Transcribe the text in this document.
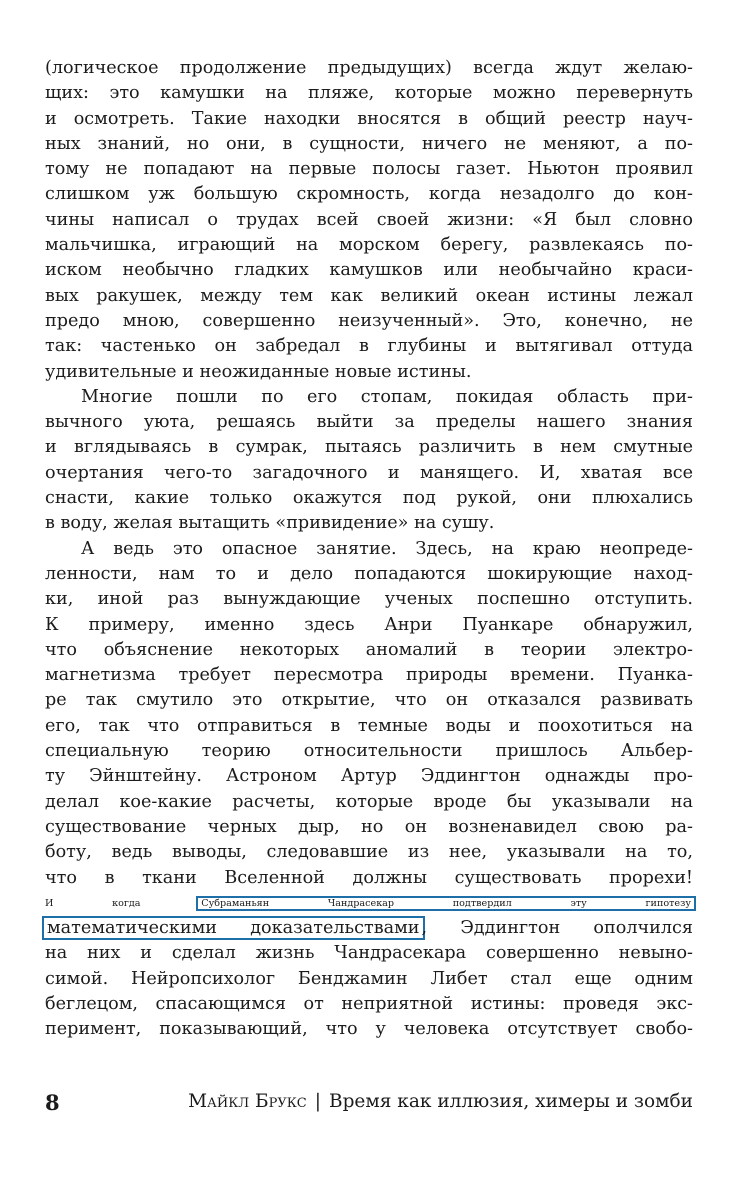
(логическое продолжение предыдущих) всегда ждут желаю-
щих: это камушки на пляже, которые можно перевернуть
и осмотреть. Такие находки вносятся в общий реестр науч-
ных знаний, но они, в сущности, ничего не меняют, а по-
тому не попадают на первые полосы газет. Ньютон проявил
слишком уж большую скромность, когда незадолго до кон-
чины написал о трудах всей своей жизни: «Я был словно
мальчишка, играющий на морском берегу, развлекаясь по-
иском необычно гладких камушков или необычайно краси-
вых ракушек, между тем как великий океан истины лежал
предо мною, совершенно неизученный». Это, конечно, не
так: частенько он забредал в глубины и вытягивал оттуда
удивительные и неожиданные новые истины.
Многие пошли по его стопам, покидая область при-
вычного уюта, решаясь выйти за пределы нашего знания
и вглядываясь в сумрак, пытаясь различить в нем смутные
очертания чего-то загадочного и манящего. И, хватая все
снасти, какие только окажутся под рукой, они плюхались
в воду, желая вытащить «привидение» на сушу.
А ведь это опасное занятие. Здесь, на краю неопреде-
ленности, нам то и дело попадаются шокирующие наход-
ки, иной раз вынуждающие ученых поспешно отступить.
К примеру, именно здесь Анри Пуанкаре обнаружил,
что объяснение некоторых аномалий в теории электро-
магнетизма требует пересмотра природы времени. Пуанка-
ре так смутило это открытие, что он отказался развивать
его, так что отправиться в темные воды и поохотиться на
специальную теорию относительности пришлось Альбер-
ту Эйнштейну. Астроном Артур Эддингтон однажды про-
делал кое-какие расчеты, которые вроде бы указывали на
существование черных дыр, но он возненавидел свою ра-
боту, ведь выводы, следовавшие из нее, указывали на то,
что в ткани Вселенной должны существовать прорехи!
И когда Субраманьян Чандрасекар подтвердил эту гипотезу
математическими доказательствами , Эддингтон ополчился
на них и сделал жизнь Чандрасекара совершенно невыно-
симой. Нейропсихолог Бенджамин Либет стал еще одним
беглецом, спасающимся от неприятной истины: проведя экс-
перимент, показывающий, что у человека отсутствует свобо-
8	Майкл Брукс | Время как иллюзия, химеры и зомби
